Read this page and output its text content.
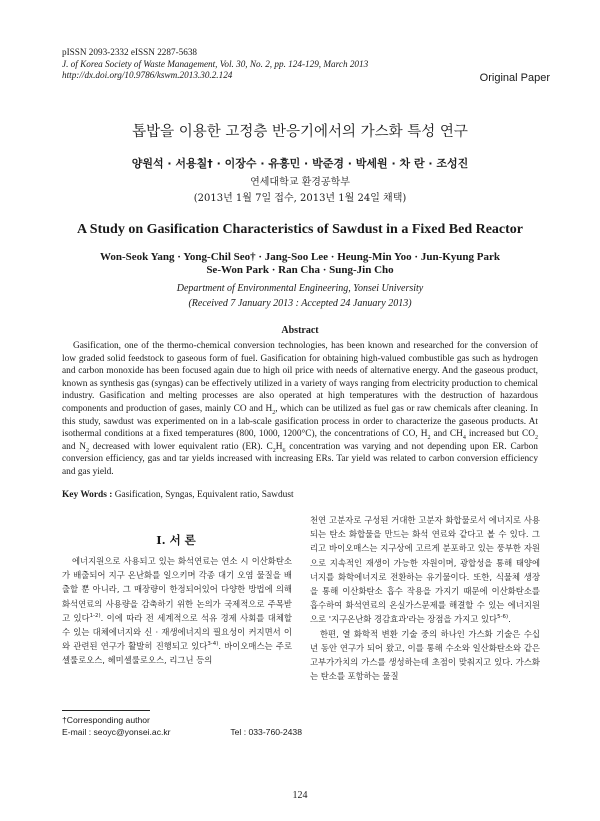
pISSN 2093-2332 eISSN 2287-5638
J. of Korea Society of Waste Management, Vol. 30, No. 2, pp. 124-129, March 2013
http://dx.doi.org/10.9786/kswm.2013.30.2.124	Original Paper
톱밥을 이용한 고정층 반응기에서의 가스화 특성 연구
양원석 · 서용칠† · 이장수 · 유흥민 · 박준경 · 박세원 · 차 란 · 조성진
연세대학교 환경공학부
(2013년 1월 7일 접수, 2013년 1월 24일 채택)
A Study on Gasification Characteristics of Sawdust in a Fixed Bed Reactor
Won-Seok Yang · Yong-Chil Seo† · Jang-Soo Lee · Heung-Min Yoo · Jun-Kyung Park
Se-Won Park · Ran Cha · Sung-Jin Cho
Department of Environmental Engineering, Yonsei University
(Received 7 January 2013 : Accepted 24 January 2013)
Abstract
Gasification, one of the thermo-chemical conversion technologies, has been known and researched for the conversion of low graded solid feedstock to gaseous form of fuel. Gasification for obtaining high-valued combustible gas such as hydrogen and carbon monoxide has been focused again due to high oil price with needs of alternative energy. And the gaseous product, known as synthesis gas (syngas) can be effectively utilized in a variety of ways ranging from electricity production to chemical industry. Gasification and melting processes are also operated at high temperatures with the destruction of hazardous components and production of gases, mainly CO and $H_2$, which can be utilized as fuel gas or raw chemicals after cleaning. In this study, sawdust was experimented on in a lab-scale gasification process in order to characterize the gaseous products. At isothermal conditions at a fixed temperatures (800, 1000, 1200°C), the concentrations of CO, $H_2$ and $CH_4$ increased but $CO_2$ and $N_2$ decreased with lower equivalent ratio (ER). $C_2H_6$ concentration was varying and not depending upon ER. Carbon conversion efficiency, gas and tar yields increased with increasing ERs. Tar yield was related to carbon conversion efficiency and gas yield.
Key Words : Gasification, Syngas, Equivalent ratio, Sawdust
I. 서 론

에너지원으로 사용되고 있는 화석연료는 연소 시 이산화탄소가 배출되어 지구 온난화를 일으키며 각종 대기 오염 물질을 배출할 뿐 아니라, 그 매장량이 한정되어있어 다양한 방법에 의해 화석연료의 사용량을 감축하기 위한 논의가 국제적으로 주목받고 있다$^{1-2)}$. 이에 따라 전 세계적으로 석유 경제 사회를 대체할 수 있는 대체에너지와 신 · 재생에너지의 필요성이 커지면서 이와 관련된 연구가 활발히 진행되고 있다$^{3-4)}$. 바이오매스는 주로 셀룰로오스, 헤미셀룰로오스, 리그닌 등의

천연 고분자로 구성된 거대한 고분자 화합물로서 에너지로 사용되는 탄소 화합물을 만드는 화석 연료와 같다고 볼 수 있다. 그리고 바이오매스는 지구상에 고르게 분포하고 있는 풍부한 자원으로 지속적인 재생이 가능한 자원이며, 광합성을 통해 태양에너지를 화학에너지로 전환하는 유기물이다. 또한, 식물체 생장을 통해 이산화탄소 흡수 작용을 가지기 때문에 이산화탄소를 흡수하여 화석연료의 온실가스문제를 해결할 수 있는 에너지원으로 '지구온난화 경감효과'라는 장점을 가지고 있다$^{5-6)}$.

한편, 열 화학적 변환 기술 중의 하나인 가스화 기술은 수십 년 동안 연구가 되어 왔고, 이를 통해 수소와 일산화탄소와 같은 고부가가치의 가스를 생성하는데 초점이 맞춰지고 있다. 가스화는 탄소를 포함하는 물질

†Corresponding author
E-mail : seoyc@yonsei.ac.kr	Tel : 033-760-2438
124
